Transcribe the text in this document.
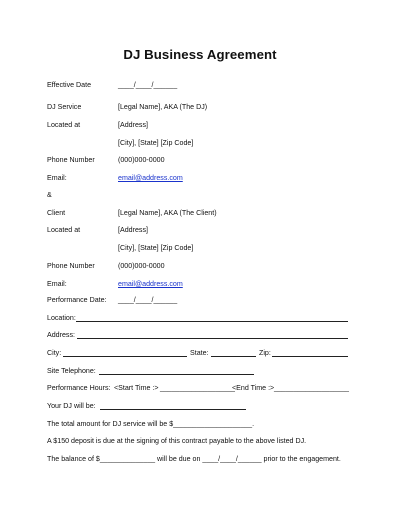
DJ Business Agreement
Effective Date	____/____/______
DJ Service	[Legal Name], AKA (The DJ)
Located at	[Address]
[City], [State] [Zip Code]
Phone Number	(000)000-0000
Email:	email@address.com
&
Client	[Legal Name], AKA (The Client)
Located at	[Address]
[City], [State] [Zip Code]
Phone Number	(000)000-0000
Email:	email@address.com
Performance Date: ____/____/______
Location:
Address:
City:	State:	Zip:
Site Telephone:
Performance Hours: <Start Time :> ___________________
<End Time :> ___________________
Your DJ will be:
The total amount for DJ service will be $____________________.
A $150 deposit is due at the signing of this contract payable to the above listed DJ.
The balance of $______________ will be due on ____/____/______ prior to the engagement.
